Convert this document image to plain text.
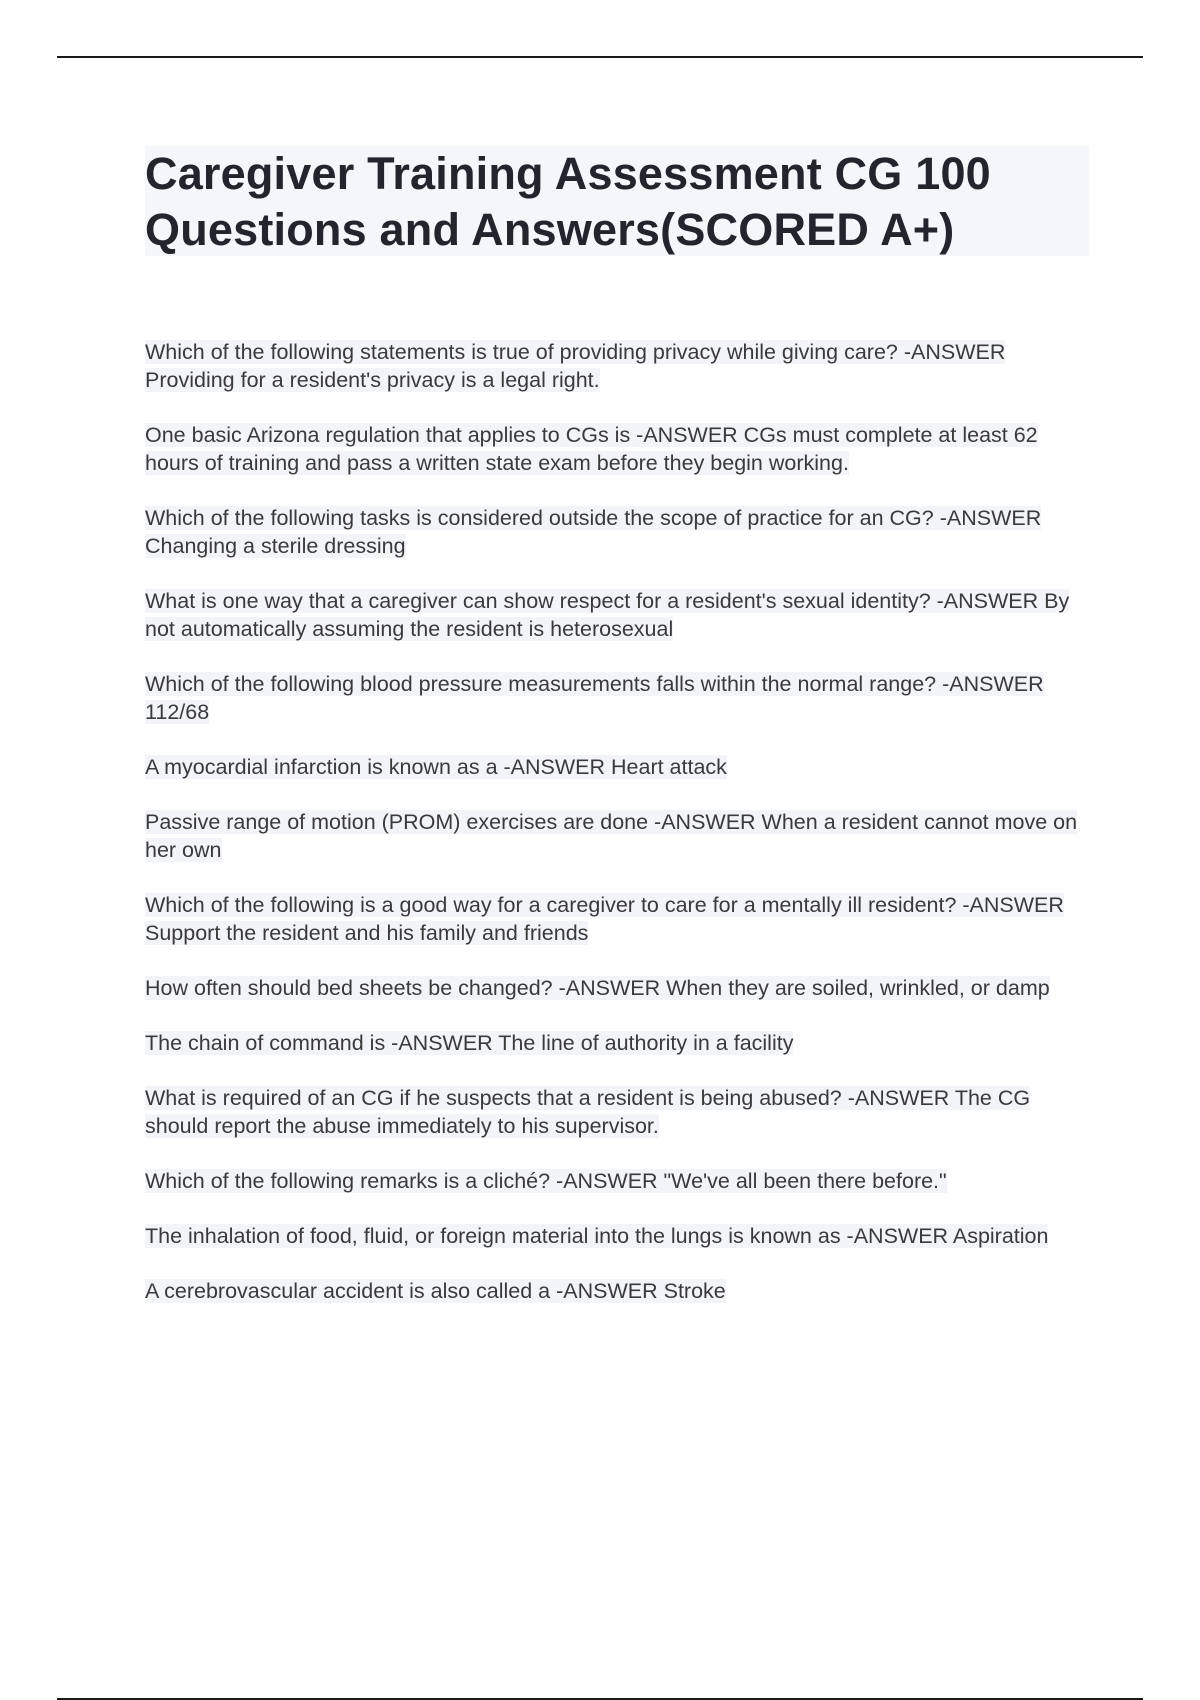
Caregiver Training Assessment CG 100 Questions and Answers(SCORED A+)
Which of the following statements is true of providing privacy while giving care? -ANSWER Providing for a resident's privacy is a legal right.
One basic Arizona regulation that applies to CGs is -ANSWER CGs must complete at least 62 hours of training and pass a written state exam before they begin working.
Which of the following tasks is considered outside the scope of practice for an CG? -ANSWER Changing a sterile dressing
What is one way that a caregiver can show respect for a resident's sexual identity? -ANSWER By not automatically assuming the resident is heterosexual
Which of the following blood pressure measurements falls within the normal range? -ANSWER 112/68
A myocardial infarction is known as a -ANSWER Heart attack
Passive range of motion (PROM) exercises are done -ANSWER When a resident cannot move on her own
Which of the following is a good way for a caregiver to care for a mentally ill resident? -ANSWER Support the resident and his family and friends
How often should bed sheets be changed? -ANSWER When they are soiled, wrinkled, or damp
The chain of command is -ANSWER The line of authority in a facility
What is required of an CG if he suspects that a resident is being abused? -ANSWER The CG should report the abuse immediately to his supervisor.
Which of the following remarks is a cliché? -ANSWER "We've all been there before."
The inhalation of food, fluid, or foreign material into the lungs is known as -ANSWER Aspiration
A cerebrovascular accident is also called a -ANSWER Stroke
